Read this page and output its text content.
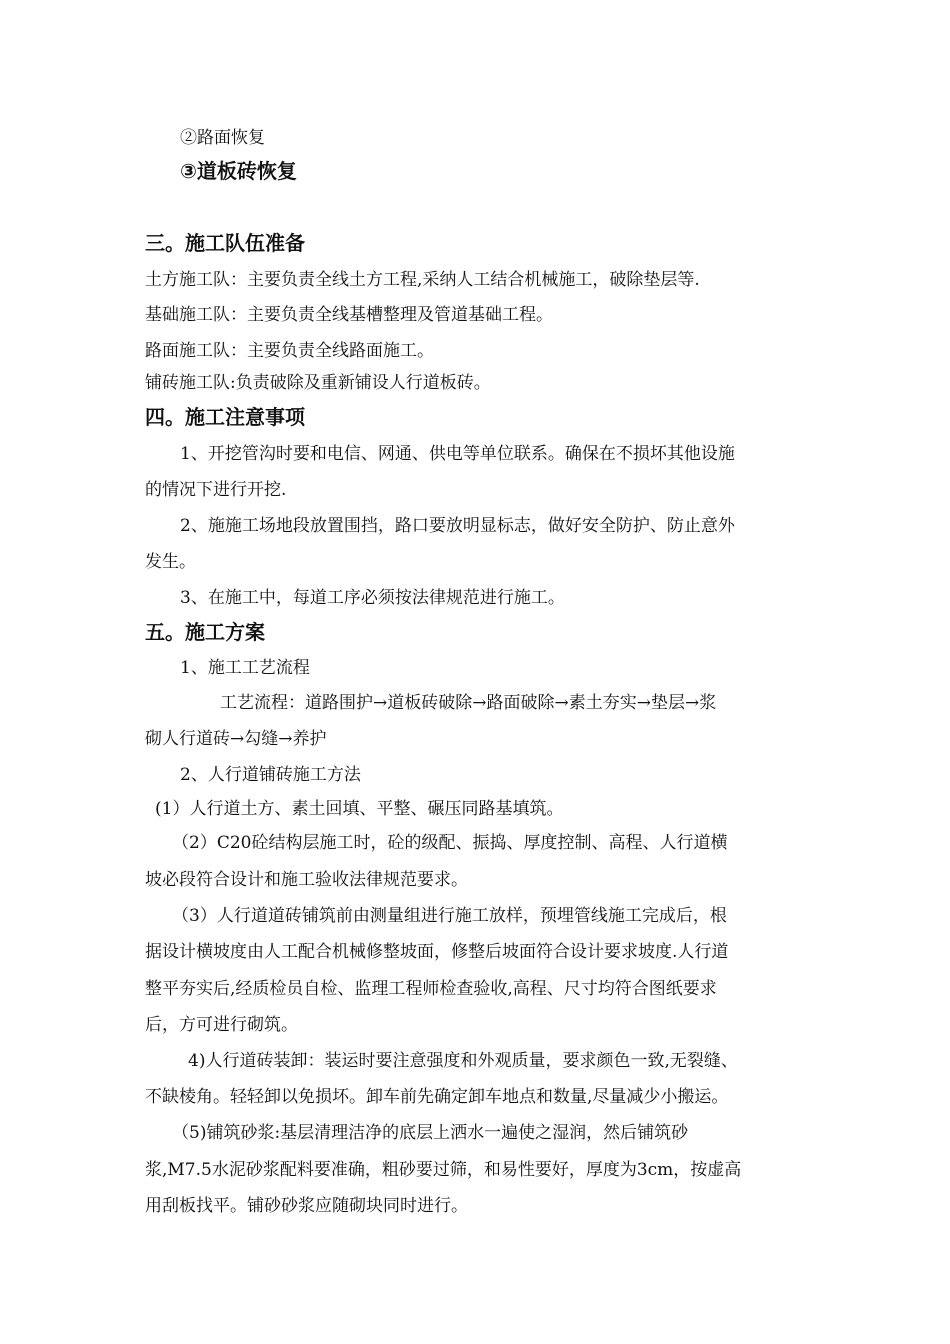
②路面恢复
③道板砖恢复
三。施工队伍准备
土方施工队：主要负责全线土方工程,采纳人工结合机械施工，破除垫层等.
基础施工队：主要负责全线基槽整理及管道基础工程。
路面施工队：主要负责全线路面施工。
铺砖施工队:负责破除及重新铺设人行道板砖。
四。施工注意事项
1、开挖管沟时要和电信、网通、供电等单位联系。确保在不损坏其他设施
的情况下进行开挖.
2、施施工场地段放置围挡，路口要放明显标志，做好安全防护、防止意外
发生。
3、在施工中，每道工序必须按法律规范进行施工。
五。施工方案
1、施工工艺流程
工艺流程：道路围护→道板砖破除→路面破除→素土夯实→垫层→浆
砌人行道砖→勾缝→养护
2、人行道铺砖施工方法
(1）人行道土方、素土回填、平整、碾压同路基填筑。
（2）C20砼结构层施工时，砼的级配、振捣、厚度控制、高程、人行道横
坡必段符合设计和施工验收法律规范要求。
（3）人行道道砖铺筑前由测量组进行施工放样，预埋管线施工完成后，根
据设计横坡度由人工配合机械修整坡面，修整后坡面符合设计要求坡度.人行道
整平夯实后,经质检员自检、监理工程师检查验收,高程、尺寸均符合图纸要求
后，方可进行砌筑。
4)人行道砖装卸：装运时要注意强度和外观质量，要求颜色一致,无裂缝、
不缺棱角。轻轻卸以免损坏。卸车前先确定卸车地点和数量,尽量减少小搬运。
（5)铺筑砂浆:基层清理洁净的底层上洒水一遍使之湿润，然后铺筑砂
浆,M7.5水泥砂浆配料要准确，粗砂要过筛，和易性要好，厚度为3cm，按虚高
用刮板找平。铺砂砂浆应随砌块同时进行。
